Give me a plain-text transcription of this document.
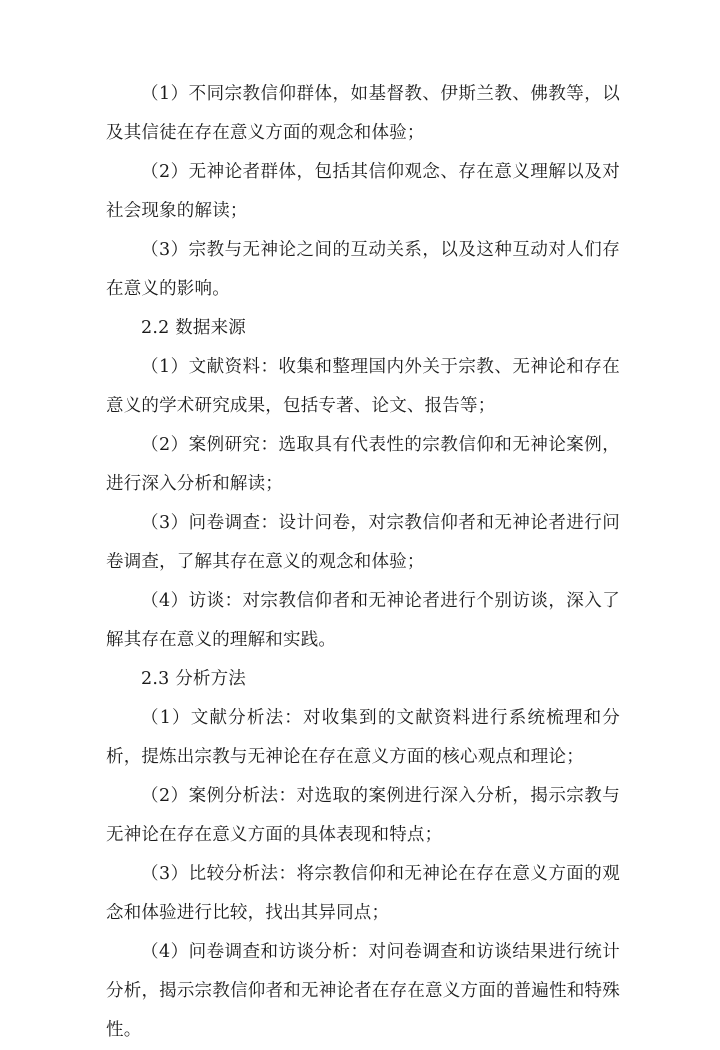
（1）不同宗教信仰群体，如基督教、伊斯兰教、佛教等，以及其信徒在存在意义方面的观念和体验；

（2）无神论者群体，包括其信仰观念、存在意义理解以及对社会现象的解读；

（3）宗教与无神论之间的互动关系，以及这种互动对人们存在意义的影响。

2.2 数据来源

（1）文献资料：收集和整理国内外关于宗教、无神论和存在意义的学术研究成果，包括专著、论文、报告等；

（2）案例研究：选取具有代表性的宗教信仰和无神论案例，进行深入分析和解读；

（3）问卷调查：设计问卷，对宗教信仰者和无神论者进行问卷调查，了解其存在意义的观念和体验；

（4）访谈：对宗教信仰者和无神论者进行个别访谈，深入了解其存在意义的理解和实践。

2.3 分析方法

（1）文献分析法：对收集到的文献资料进行系统梳理和分析，提炼出宗教与无神论在存在意义方面的核心观点和理论；

（2）案例分析法：对选取的案例进行深入分析，揭示宗教与无神论在存在意义方面的具体表现和特点；

（3）比较分析法：将宗教信仰和无神论在存在意义方面的观念和体验进行比较，找出其异同点；

（4）问卷调查和访谈分析：对问卷调查和访谈结果进行统计分析，揭示宗教信仰者和无神论者在存在意义方面的普遍性和特殊性。
